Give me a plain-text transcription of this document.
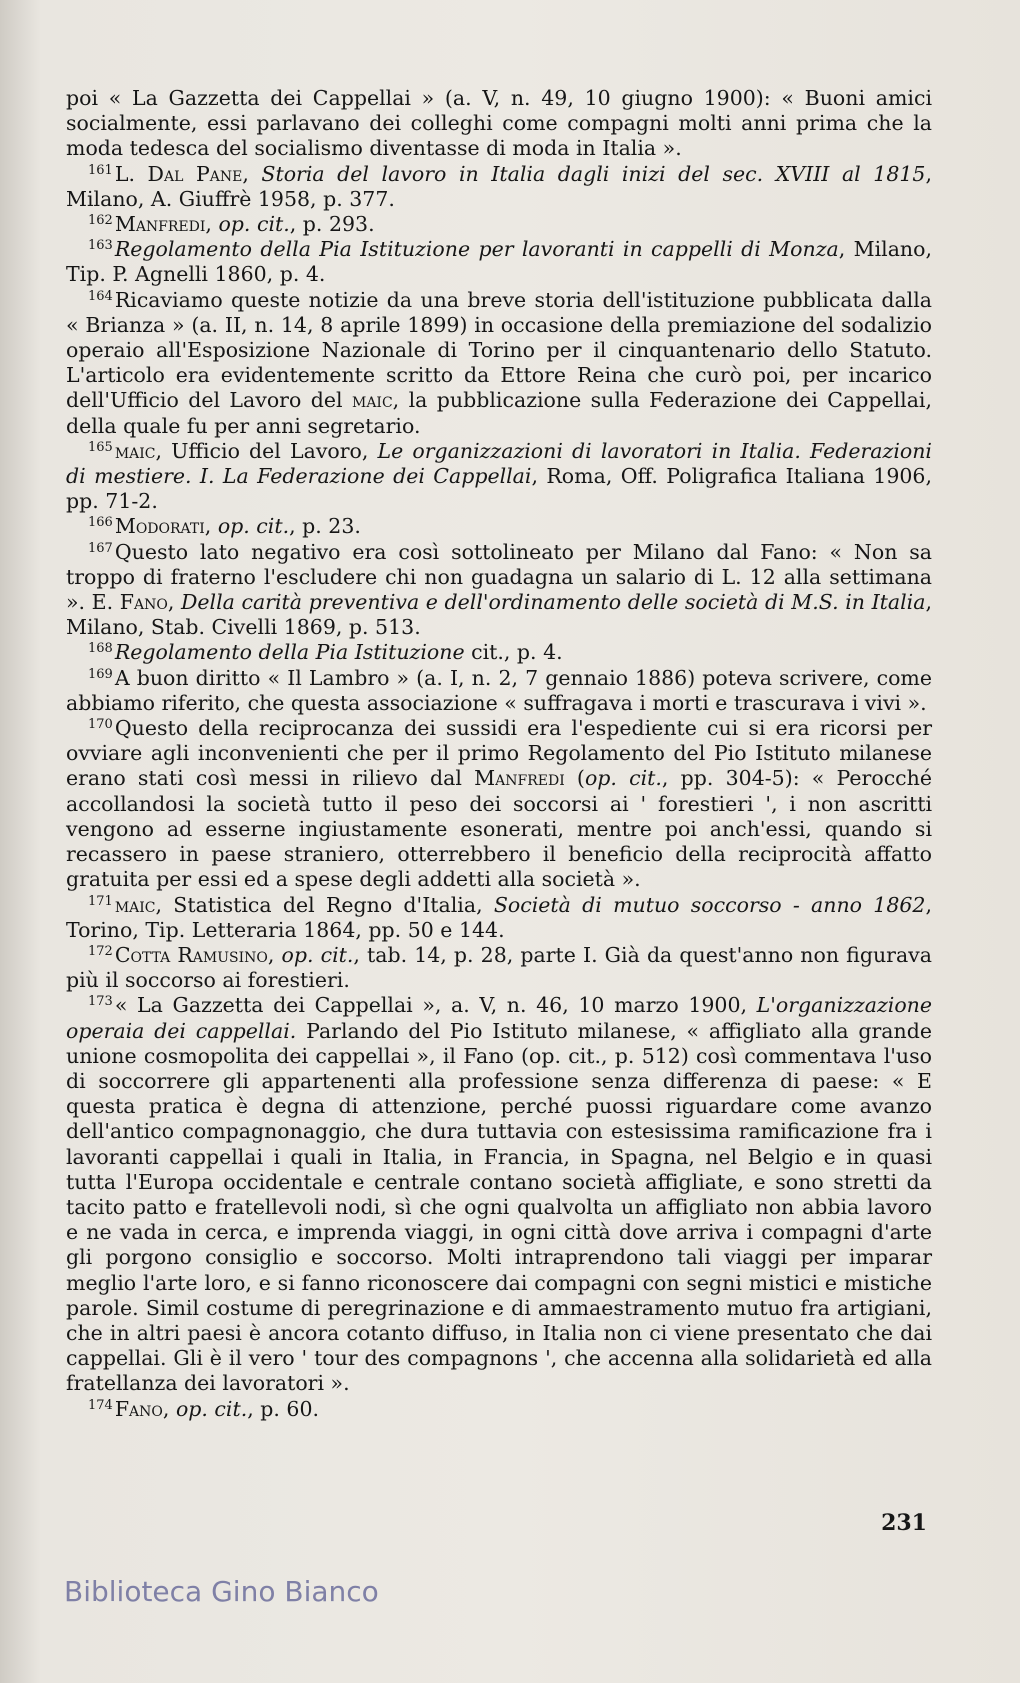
poi « La Gazzetta dei Cappellai » (a. V, n. 49, 10 giugno 1900): « Buoni amici socialmente, essi parlavano dei colleghi come compagni molti anni prima che la moda tedesca del socialismo diventasse di moda in Italia ».

$^{161}$L. Dal Pane, Storia del lavoro in Italia dagli inizi del sec. XVIII al 1815, Milano, A. Giuffrè 1958, p. 377.

$^{162}$Manfredi, op. cit., p. 293.

$^{163}$Regolamento della Pia Istituzione per lavoranti in cappelli di Monza, Milano, Tip. P. Agnelli 1860, p. 4.

$^{164}$Ricaviamo queste notizie da una breve storia dell'istituzione pubblicata dalla « Brianza » (a. II, n. 14, 8 aprile 1899) in occasione della premiazione del sodalizio operaio all'Esposizione Nazionale di Torino per il cinquantenario dello Statuto. L'articolo era evidentemente scritto da Ettore Reina che curò poi, per incarico dell'Ufficio del Lavoro del maic, la pubblicazione sulla Federazione dei Cappellai, della quale fu per anni segretario.

$^{165}$maic, Ufficio del Lavoro, Le organizzazioni di lavoratori in Italia. Federazioni di mestiere. I. La Federazione dei Cappellai, Roma, Off. Poligrafica Italiana 1906, pp. 71-2.

$^{166}$Modorati, op. cit., p. 23.

$^{167}$Questo lato negativo era così sottolineato per Milano dal Fano: « Non sa troppo di fraterno l'escludere chi non guadagna un salario di L. 12 alla settimana ». E. Fano, Della carità preventiva e dell'ordinamento delle società di M.S. in Italia, Milano, Stab. Civelli 1869, p. 513.

$^{168}$Regolamento della Pia Istituzione cit., p. 4.

$^{169}$A buon diritto « Il Lambro » (a. I, n. 2, 7 gennaio 1886) poteva scrivere, come abbiamo riferito, che questa associazione « suffragava i morti e trascurava i vivi ».

$^{170}$Questo della reciprocanza dei sussidi era l'espediente cui si era ricorsi per ovviare agli inconvenienti che per il primo Regolamento del Pio Istituto milanese erano stati così messi in rilievo dal Manfredi (op. cit., pp. 304-5): « Perocché accollandosi la società tutto il peso dei soccorsi ai ' forestieri ', i non ascritti vengono ad esserne ingiustamente esonerati, mentre poi anch'essi, quando si recassero in paese straniero, otterrebbero il beneficio della reciprocità affatto gratuita per essi ed a spese degli addetti alla società ».

$^{171}$maic, Statistica del Regno d'Italia, Società di mutuo soccorso - anno 1862, Torino, Tip. Letteraria 1864, pp. 50 e 144.

$^{172}$Cotta Ramusino, op. cit., tab. 14, p. 28, parte I. Già da quest'anno non figurava più il soccorso ai forestieri.

$^{173}$« La Gazzetta dei Cappellai », a. V, n. 46, 10 marzo 1900, L'organizzazione operaia dei cappellai. Parlando del Pio Istituto milanese, « affigliato alla grande unione cosmopolita dei cappellai », il Fano (op. cit., p. 512) così commentava l'uso di soccorrere gli appartenenti alla professione senza differenza di paese: « E questa pratica è degna di attenzione, perché puossi riguardare come avanzo dell'antico compagnonaggio, che dura tuttavia con estesissima ramificazione fra i lavoranti cappellai i quali in Italia, in Francia, in Spagna, nel Belgio e in quasi tutta l'Europa occidentale e centrale contano società affigliate, e sono stretti da tacito patto e fratellevoli nodi, sì che ogni qualvolta un affigliato non abbia lavoro e ne vada in cerca, e imprenda viaggi, in ogni città dove arriva i compagni d'arte gli porgono consiglio e soccorso. Molti intraprendono tali viaggi per imparar meglio l'arte loro, e si fanno riconoscere dai compagni con segni mistici e mistiche parole. Simil costume di peregrinazione e di ammaestramento mutuo fra artigiani, che in altri paesi è ancora cotanto diffuso, in Italia non ci viene presentato che dai cappellai. Gli è il vero ' tour des compagnons ', che accenna alla solidarietà ed alla fratellanza dei lavoratori ».

$^{174}$Fano, op. cit., p. 60.

231
Biblioteca Gino Bianco
